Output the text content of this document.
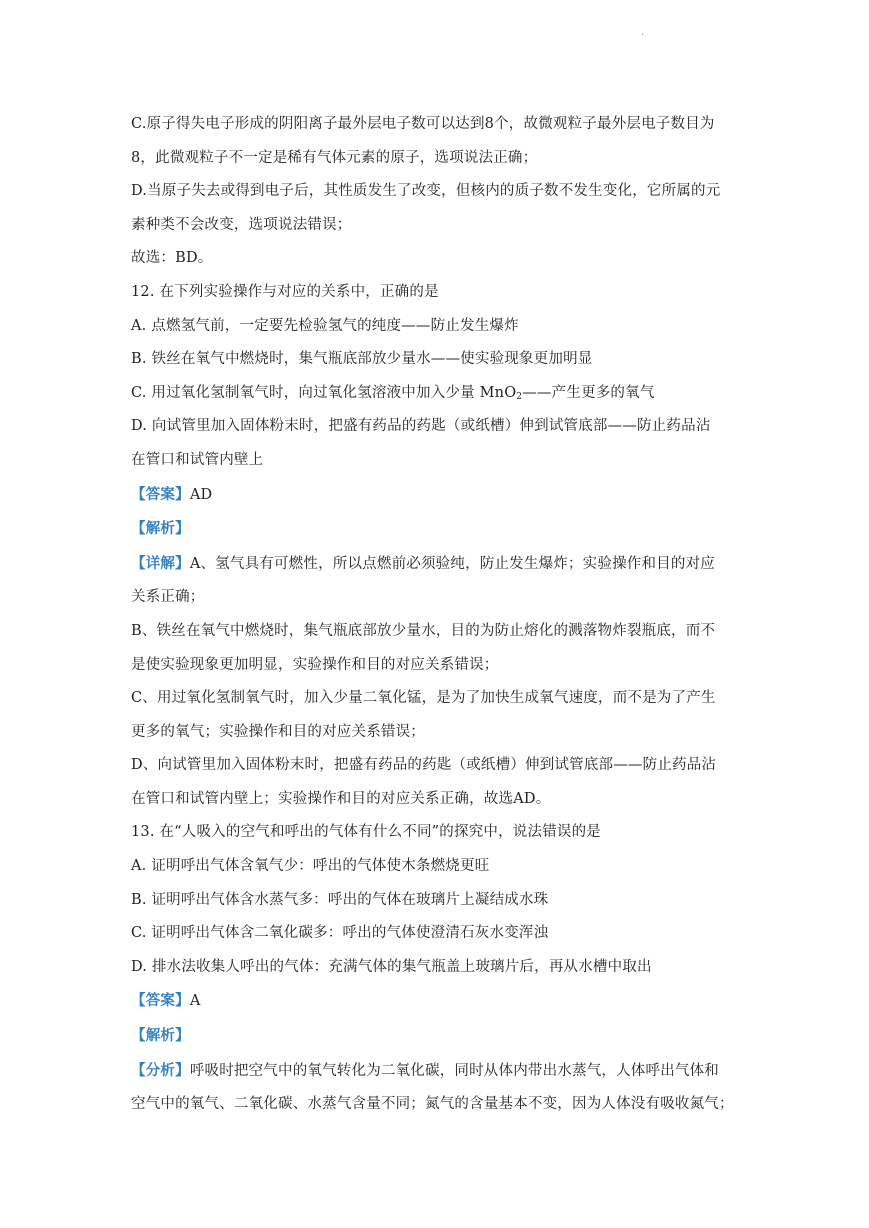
·
C.原子得失电子形成的阴阳离子最外层电子数可以达到8个，故微观粒子最外层电子数目为
8，此微观粒子不一定是稀有气体元素的原子，选项说法正确；
D.当原子失去或得到电子后，其性质发生了改变，但核内的质子数不发生变化，它所属的元
素种类不会改变，选项说法错误；
故选：BD。
12. 在下列实验操作与对应的关系中，正确的是
A. 点燃氢气前，一定要先检验氢气的纯度——防止发生爆炸
B. 铁丝在氧气中燃烧时，集气瓶底部放少量水——使实验现象更加明显
C. 用过氧化氢制氧气时，向过氧化氢溶液中加入少量 MnO$_2$——产生更多的氧气
D. 向试管里加入固体粉末时，把盛有药品的药匙（或纸槽）伸到试管底部——防止药品沾
在管口和试管内壁上
【答案】AD
【解析】
【详解】A、氢气具有可燃性，所以点燃前必须验纯，防止发生爆炸；实验操作和目的对应
关系正确；
B、铁丝在氧气中燃烧时，集气瓶底部放少量水，目的为防止熔化的溅落物炸裂瓶底，而不
是使实验现象更加明显，实验操作和目的对应关系错误；
C、用过氧化氢制氧气时，加入少量二氧化锰，是为了加快生成氧气速度，而不是为了产生
更多的氧气；实验操作和目的对应关系错误；
D、向试管里加入固体粉末时，把盛有药品的药匙（或纸槽）伸到试管底部——防止药品沾
在管口和试管内壁上；实验操作和目的对应关系正确，故选AD。
13. 在“人吸入的空气和呼出的气体有什么不同”的探究中，说法错误的是
A. 证明呼出气体含氧气少：呼出的气体使木条燃烧更旺
B. 证明呼出气体含水蒸气多：呼出的气体在玻璃片上凝结成水珠
C. 证明呼出气体含二氧化碳多：呼出的气体使澄清石灰水变浑浊
D. 排水法收集人呼出的气体：充满气体的集气瓶盖上玻璃片后，再从水槽中取出
【答案】A
【解析】
【分析】呼吸时把空气中的氧气转化为二氧化碳，同时从体内带出水蒸气，人体呼出气体和
空气中的氧气、二氧化碳、水蒸气含量不同；氮气的含量基本不变，因为人体没有吸收氮气；
